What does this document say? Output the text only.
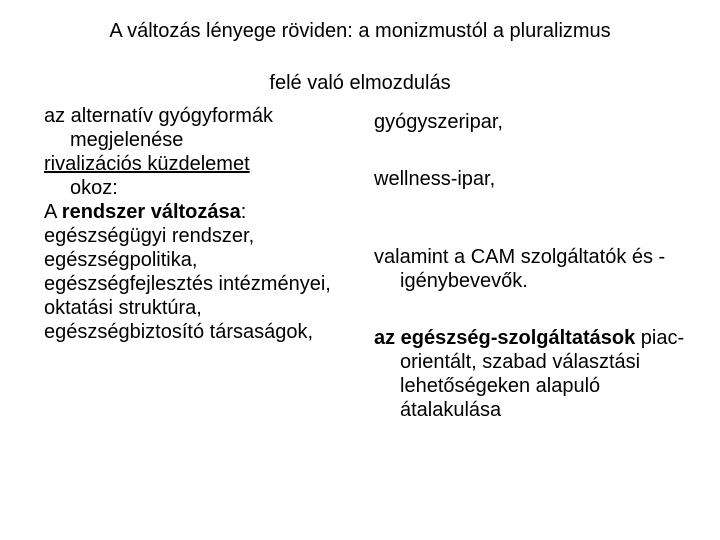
A változás lényege röviden: a monizmustól a pluralizmus
felé való elmozdulás

az alternatív gyógyformák megjelenése

rivalizációs küzdelemet

okoz:

A rendszer változása:

egészségügyi rendszer,

egészségpolitika,

egészségfejlesztés intézményei,

oktatási struktúra,

egészségbiztosító társaságok,

gyógyszeripar,

wellness-ipar,

valamint a CAM szolgáltatók és -igénybevevők.

az egészség-szolgáltatások piac-orientált, szabad választási lehetőségeken alapuló átalakulása
